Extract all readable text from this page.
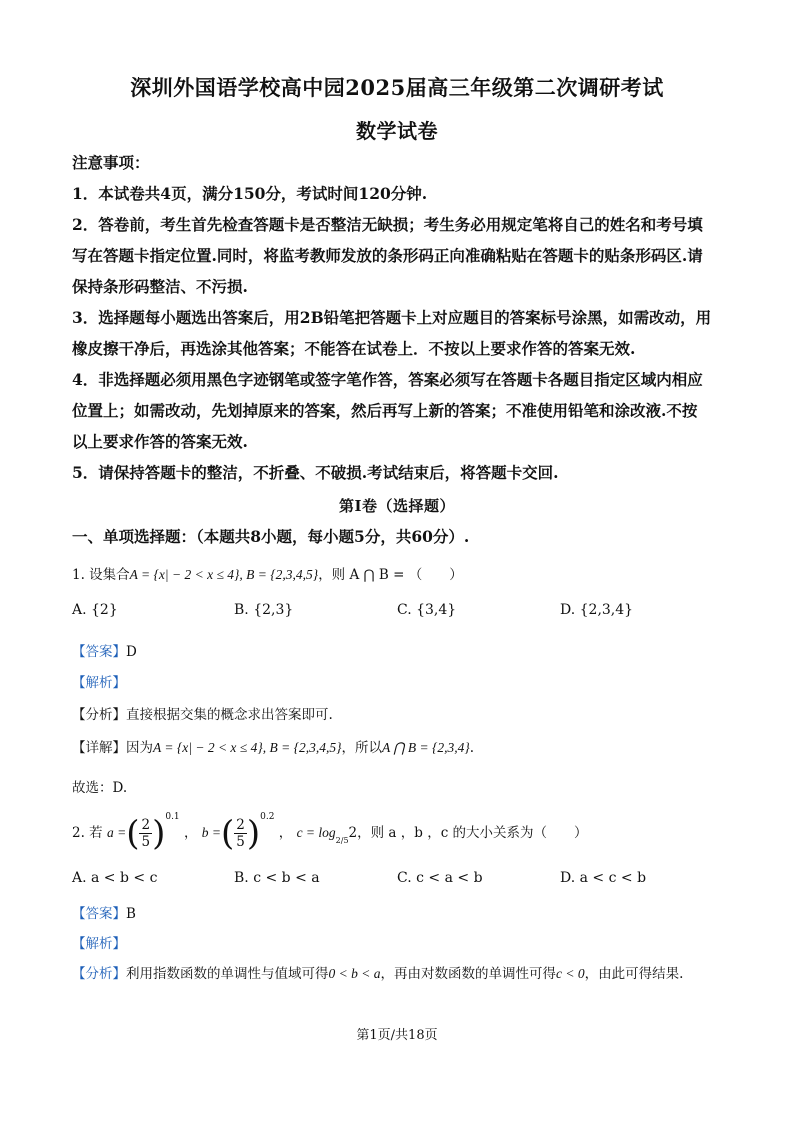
深圳外国语学校高中园2025届高三年级第二次调研考试
数学试卷
注意事项：
1．本试卷共4页，满分150分，考试时间120分钟.
2．答卷前，考生首先检查答题卡是否整洁无缺损；考生务必用规定笔将自己的姓名和考号填
写在答题卡指定位置.同时，将监考教师发放的条形码正向准确粘贴在答题卡的贴条形码区.请
保持条形码整洁、不污损.
3．选择题每小题选出答案后，用2B铅笔把答题卡上对应题目的答案标号涂黑，如需改动，用
橡皮擦干净后，再选涂其他答案；不能答在试卷上．不按以上要求作答的答案无效.
4．非选择题必须用黑色字迹钢笔或签字笔作答，答案必须写在答题卡各题目指定区域内相应
位置上；如需改动，先划掉原来的答案，然后再写上新的答案；不准使用铅笔和涂改液.不按
以上要求作答的答案无效.
5．请保持答题卡的整洁，不折叠、不破损.考试结束后，将答题卡交回.
第I卷（选择题）
一、单项选择题：（本题共8小题，每小题5分，共60分）.
1. 设集合A = {x| − 2 < x ≤ 4}, B = {2,3,4,5}，则 A ⋂ B = （　　）
A. {2}	B. {2,3}	C. {3,4}	D. {2,3,4}
【答案】D
【解析】
【分析】直接根据交集的概念求出答案即可.
【详解】因为A = {x| − 2 < x ≤ 4}, B = {2,3,4,5}，所以A ⋂ B = {2,3,4}.
故选：D.
2. 若 a =( $\frac{2}{5} )^{0.1}$ ， b =( $\frac{2}{5} )^{0.2}$ ， $c = \log_{2/5}2$，则 a ，b ，c 的大小关系为（　　）
A. a < b < c	B. c < b < a	C. c < a < b	D. a < c < b
【答案】B
【解析】
【分析】利用指数函数的单调性与值域可得0 < b < a，再由对数函数的单调性可得c < 0，由此可得结果.
第1页/共18页
